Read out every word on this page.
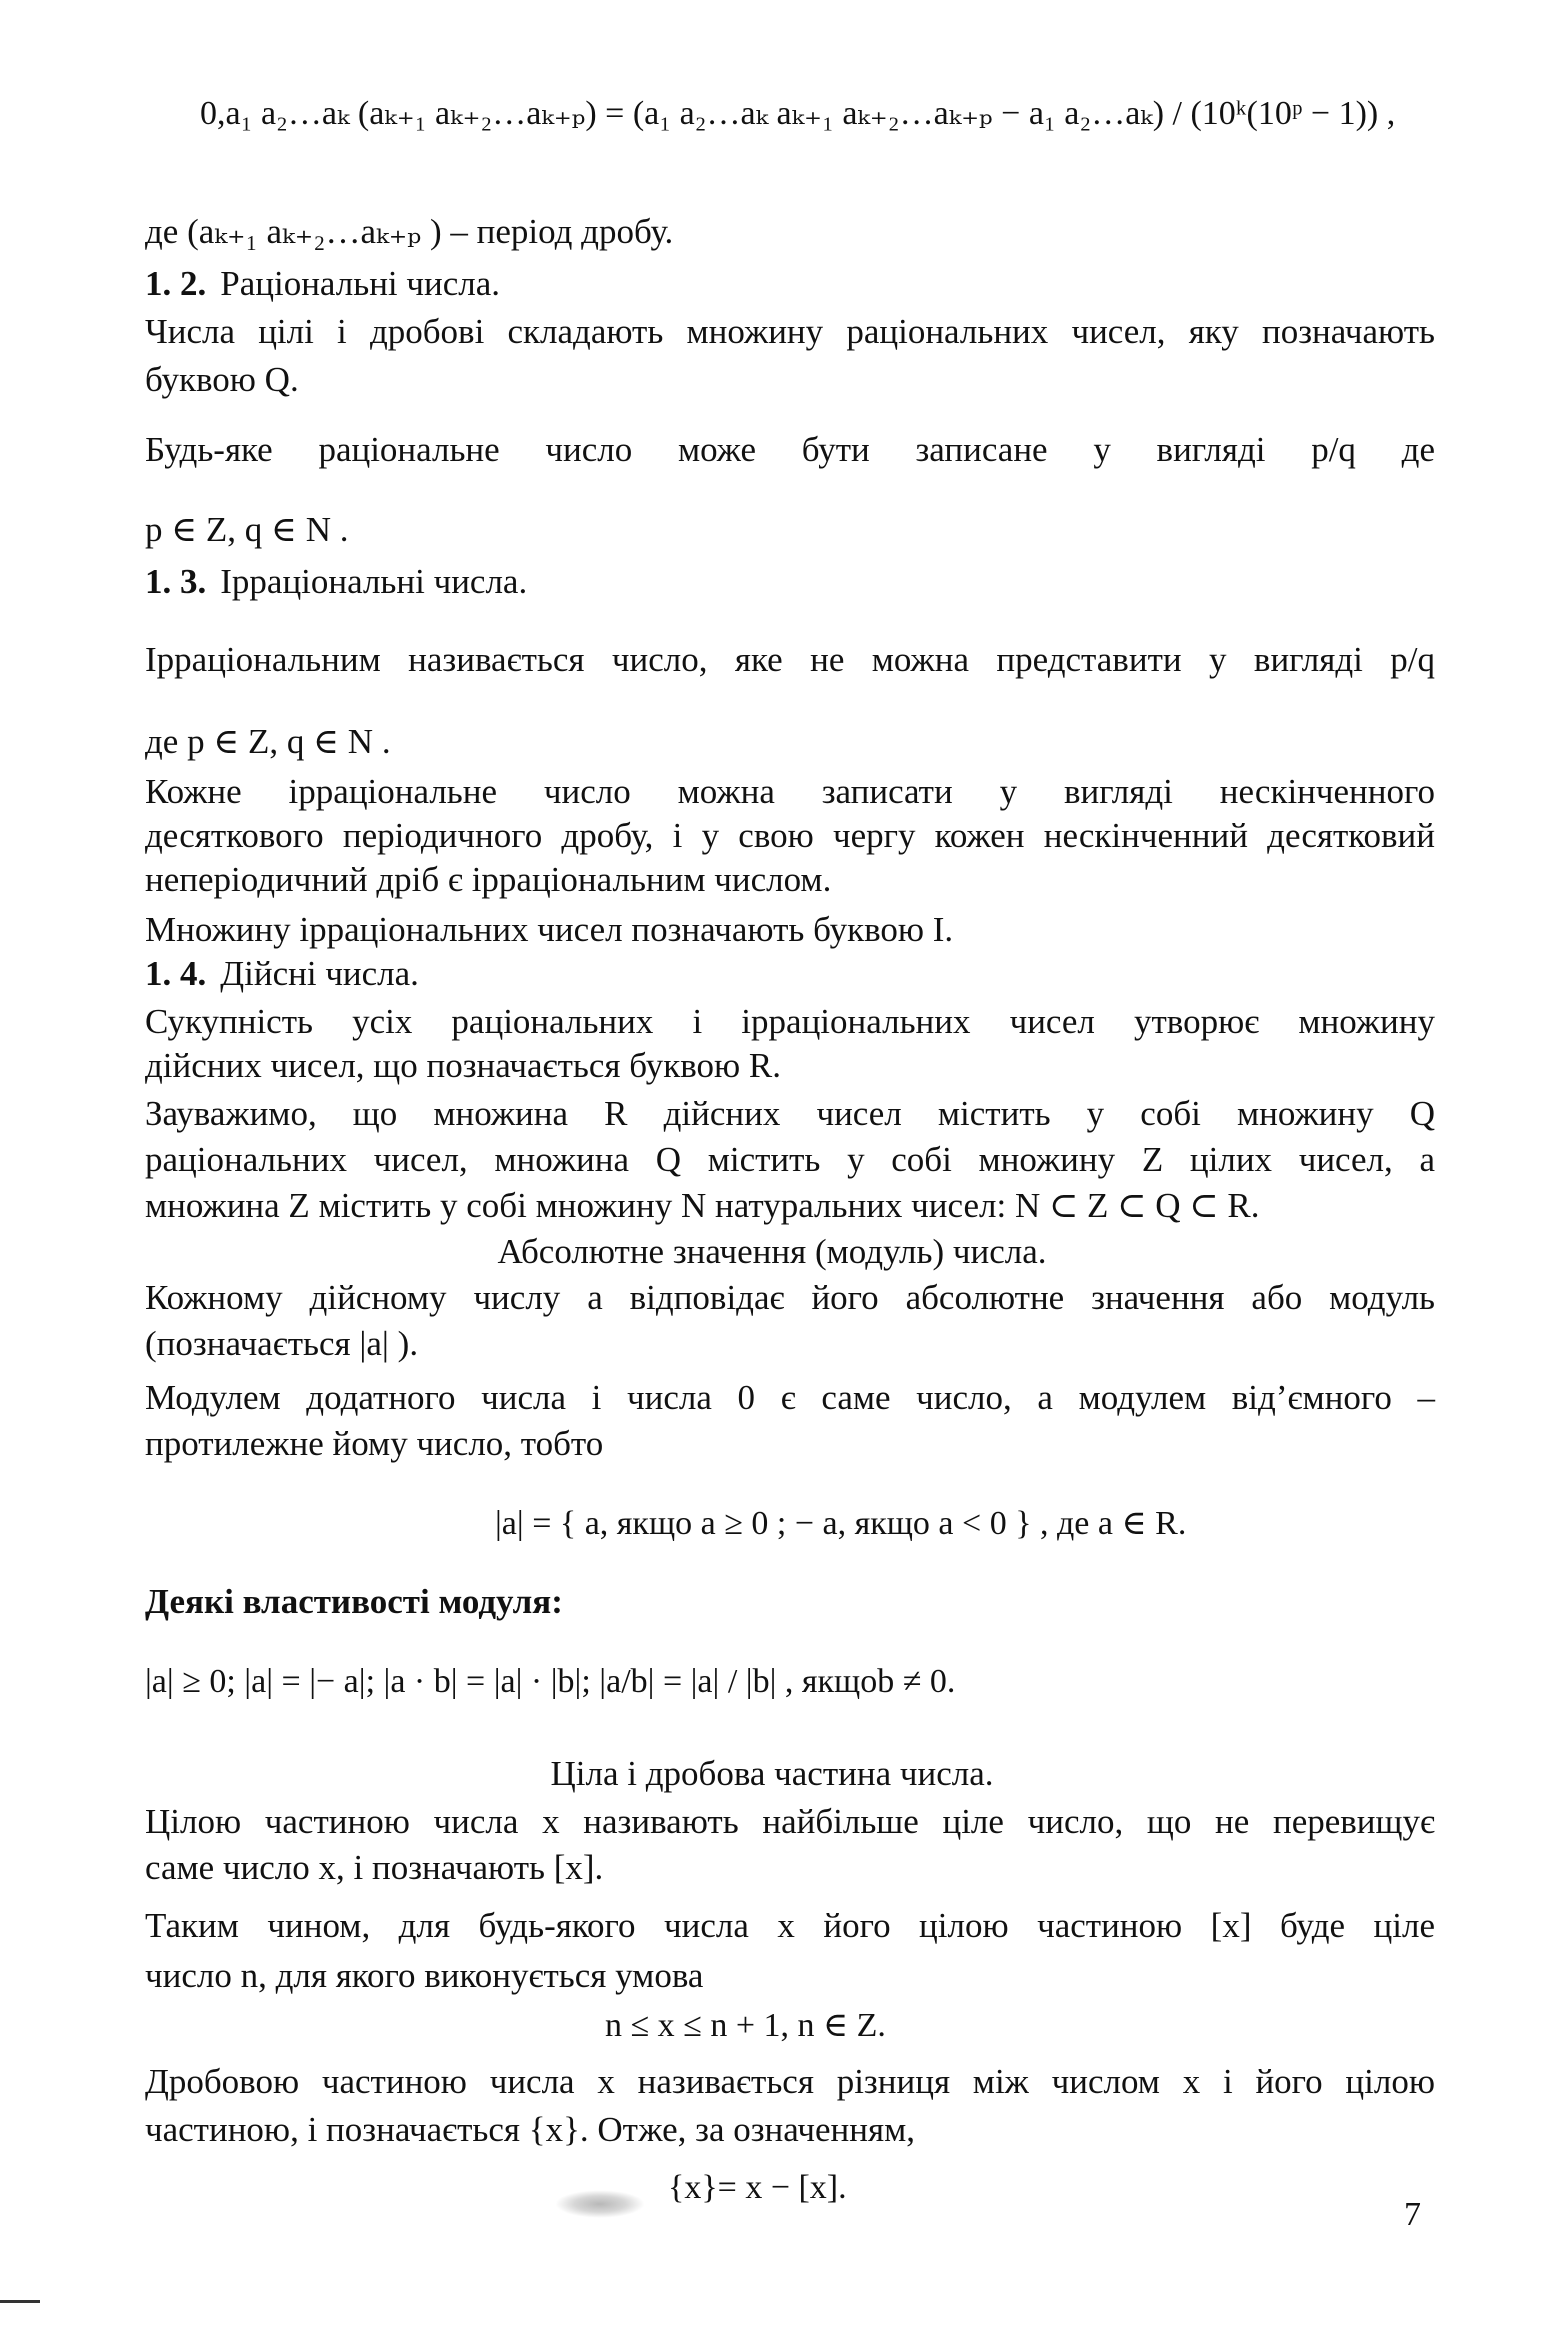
0,a₁ a₂…aₖ (aₖ₊₁ aₖ₊₂…aₖ₊ₚ) = (a₁ a₂…aₖ aₖ₊₁ aₖ₊₂…aₖ₊ₚ − a₁ a₂…aₖ) / (10ᵏ(10ᵖ − 1)) ,
де (aₖ₊₁ aₖ₊₂…aₖ₊ₚ ) – період дробу.
1. 2. Раціональні числа.
Числа цілі і дробові складають множину раціональних чисел, яку позначають
буквою Q.
Будь-яке раціональне число може бути записане у вигляді p/q де
p ∈ Z, q ∈ N .
1. 3. Ірраціональні числа.
Ірраціональним називається число, яке не можна представити у вигляді p/q
де p ∈ Z, q ∈ N .
Кожне ірраціональне число можна записати у вигляді нескінченного
десяткового періодичного дробу, і у свою чергу кожен нескінченний десятковий
неперіодичний дріб є ірраціональним числом.
Множину ірраціональних чисел позначають буквою I.
1. 4. Дійсні числа.
Сукупність усіх раціональних і ірраціональних чисел утворює множину
дійсних чисел, що позначається буквою R.
Зауважимо, що множина R дійсних чисел містить у собі множину Q
раціональних чисел, множина Q містить у собі множину Z цілих чисел, а
множина Z містить у собі множину N натуральних чисел: N ⊂ Z ⊂ Q ⊂ R.
Абсолютне значення (модуль) числа.
Кожному дійсному числу a відповідає його абсолютне значення або модуль
(позначається |a| ).
Модулем додатного числа і числа 0 є саме число, а модулем від’ємного –
протилежне йому число, тобто
|a| = { a, якщо a ≥ 0 ; − a, якщо a < 0 } , де a ∈ R.
Деякі властивості модуля:
|a| ≥ 0; |a| = |− a|; |a · b| = |a| · |b|; |a/b| = |a| / |b| , якщоb ≠ 0.
Ціла і дробова частина числа.
Цілою частиною числа x називають найбільше ціле число, що не перевищує
саме число x, і позначають [x].
Таким чином, для будь-якого числа x його цілою частиною [x] буде ціле
число n, для якого виконується умова
n ≤ x ≤ n + 1, n ∈ Z.
Дробовою частиною числа x називається різниця між числом x і його цілою
частиною, і позначається {x}. Отже, за означенням,
{x}= x − [x].
7
